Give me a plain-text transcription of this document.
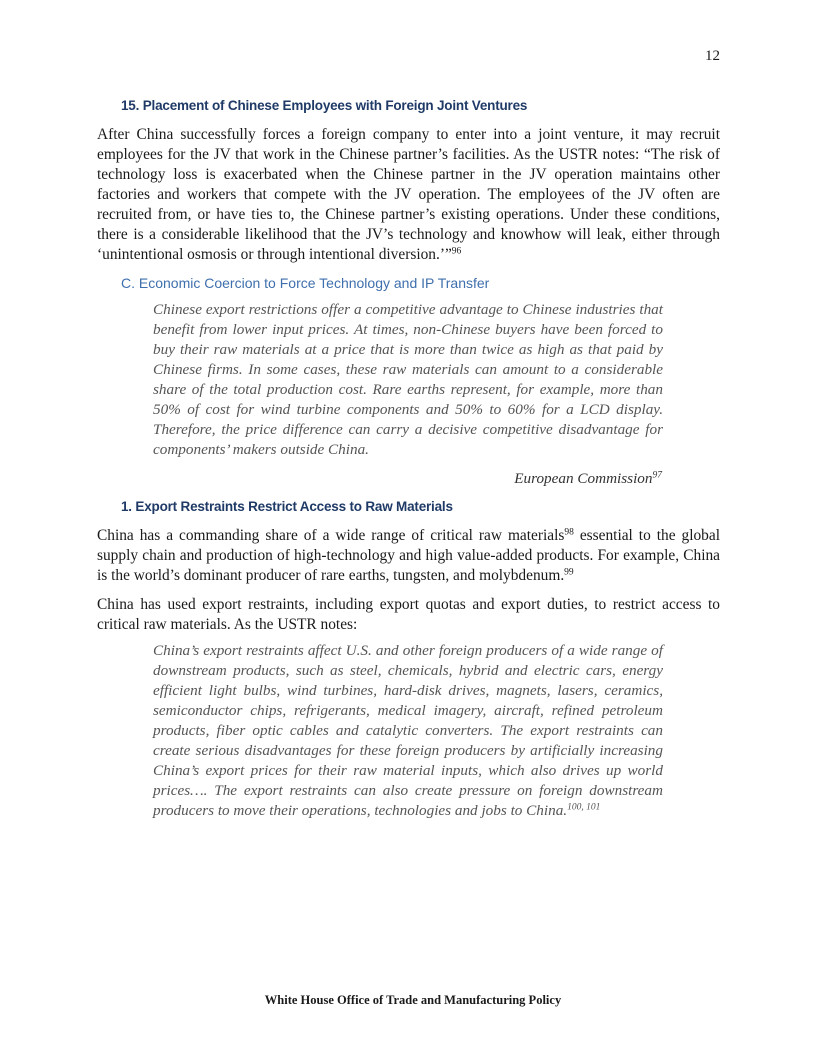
12
15. Placement of Chinese Employees with Foreign Joint Ventures

After China successfully forces a foreign company to enter into a joint venture, it may recruit employees for the JV that work in the Chinese partner’s facilities. As the USTR notes: “The risk of technology loss is exacerbated when the Chinese partner in the JV operation maintains other factories and workers that compete with the JV operation. The employees of the JV often are recruited from, or have ties to, the Chinese partner’s existing operations. Under these conditions, there is a considerable likelihood that the JV’s technology and knowhow will leak, either through ‘unintentional osmosis or through intentional diversion.’”$^{96}$

C. Economic Coercion to Force Technology and IP Transfer

Chinese export restrictions offer a competitive advantage to Chinese industries that benefit from lower input prices. At times, non-Chinese buyers have been forced to buy their raw materials at a price that is more than twice as high as that paid by Chinese firms. In some cases, these raw materials can amount to a considerable share of the total production cost. Rare earths represent, for example, more than 50% of cost for wind turbine components and 50% to 60% for a LCD display. Therefore, the price difference can carry a decisive competitive disadvantage for components’ makers outside China.

European Commission$^{97}$
1. Export Restraints Restrict Access to Raw Materials

China has a commanding share of a wide range of critical raw materials$^{98}$ essential to the global supply chain and production of high-technology and high value-added products. For example, China is the world’s dominant producer of rare earths, tungsten, and molybdenum.$^{99}$

China has used export restraints, including export quotas and export duties, to restrict access to critical raw materials. As the USTR notes:

China’s export restraints affect U.S. and other foreign producers of a wide range of downstream products, such as steel, chemicals, hybrid and electric cars, energy efficient light bulbs, wind turbines, hard-disk drives, magnets, lasers, ceramics, semiconductor chips, refrigerants, medical imagery, aircraft, refined petroleum products, fiber optic cables and catalytic converters. The export restraints can create serious disadvantages for these foreign producers by artificially increasing China’s export prices for their raw material inputs, which also drives up world prices…. The export restraints can also create pressure on foreign downstream producers to move their operations, technologies and jobs to China.$^{100, 101}$

White House Office of Trade and Manufacturing Policy
